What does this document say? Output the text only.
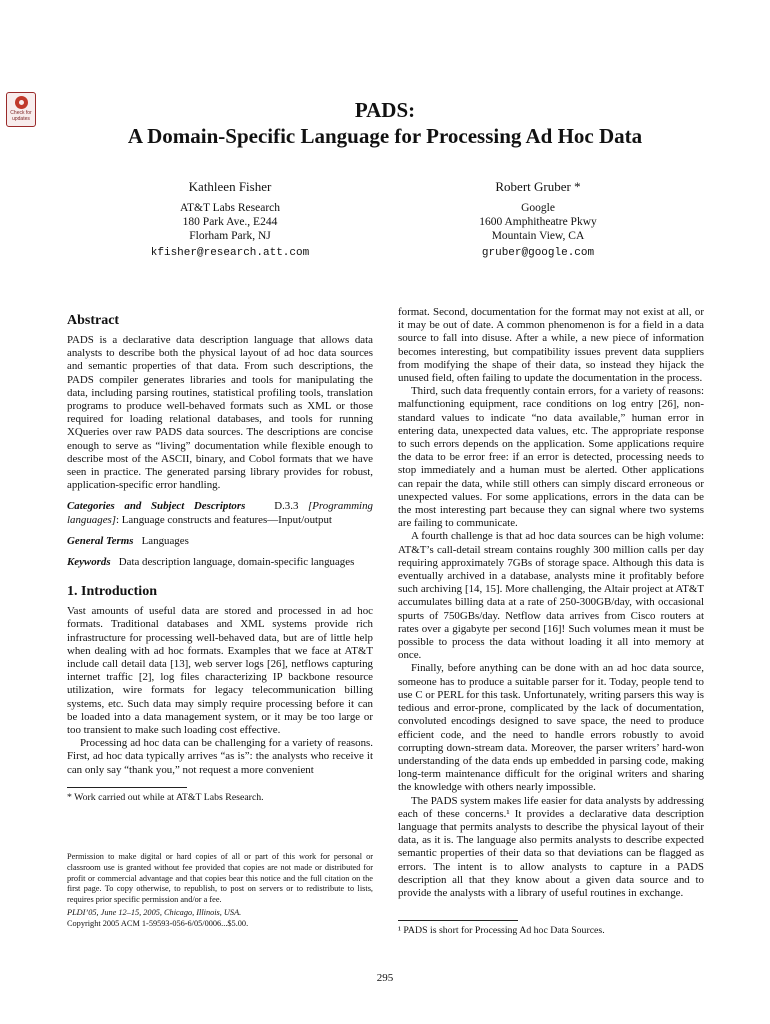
Check for updates	PADS:
A Domain-Specific Language for Processing Ad Hoc Data
Kathleen Fisher
AT&T Labs Research
180 Park Ave., E244
Florham Park, NJ
kfisher@research.att.com
Robert Gruber *
Google
1600 Amphitheatre Pkwy
Mountain View, CA
gruber@google.com
Abstract

PADS is a declarative data description language that allows data analysts to describe both the physical layout of ad hoc data sources and semantic properties of that data. From such descriptions, the PADS compiler generates libraries and tools for manipulating the data, including parsing routines, statistical profiling tools, translation programs to produce well-behaved formats such as XML or those required for loading relational databases, and tools for running XQueries over raw PADS data sources. The descriptions are concise enough to serve as “living” documentation while flexible enough to describe most of the ASCII, binary, and Cobol formats that we have seen in practice. The generated parsing library provides for robust, application-specific error handling.

Categories and Subject Descriptors	D.3.3 [Programming languages]: Language constructs and features—Input/output

General Terms Languages

Keywords Data description language, domain-specific languages

1. Introduction

Vast amounts of useful data are stored and processed in ad hoc formats. Traditional databases and XML systems provide rich infrastructure for processing well-behaved data, but are of little help when dealing with ad hoc formats. Examples that we face at AT&T include call detail data [13], web server logs [26], netflows capturing internet traffic [2], log files characterizing IP backbone resource utilization, wire formats for legacy telecommunication billing systems, etc. Such data may simply require processing before it can be loaded into a data management system, or it may be too large or too transient to make such loading cost effective.

Processing ad hoc data can be challenging for a variety of reasons. First, ad hoc data typically arrives “as is”: the analysts who receive it can only say “thank you,” not request a more convenient

* Work carried out while at AT&T Labs Research.

Permission to make digital or hard copies of all or part of this work for personal or classroom use is granted without fee provided that copies are not made or distributed for profit or commercial advantage and that copies bear this notice and the full citation on the first page. To copy otherwise, to republish, to post on servers or to redistribute to lists, requires prior specific permission and/or a fee.
PLDI’05, June 12–15, 2005, Chicago, Illinois, USA.
Copyright 2005 ACM 1-59593-056-6/05/0006...$5.00.

format. Second, documentation for the format may not exist at all, or it may be out of date. A common phenomenon is for a field in a data source to fall into disuse. After a while, a new piece of information becomes interesting, but compatibility issues prevent data suppliers from modifying the shape of their data, so instead they hijack the unused field, often failing to update the documentation in the process.

Third, such data frequently contain errors, for a variety of reasons: malfunctioning equipment, race conditions on log entry [26], non-standard values to indicate “no data available,” human error in entering data, unexpected data values, etc. The appropriate response to such errors depends on the application. Some applications require the data to be error free: if an error is detected, processing needs to stop immediately and a human must be alerted. Other applications can repair the data, while still others can simply discard erroneous or unexpected values. For some applications, errors in the data can be the most interesting part because they can signal where two systems are failing to communicate.

A fourth challenge is that ad hoc data sources can be high volume: AT&T’s call-detail stream contains roughly 300 million calls per day requiring approximately 7GBs of storage space. Although this data is eventually archived in a database, analysts mine it profitably before such archiving [14, 15]. More challenging, the Altair project at AT&T accumulates billing data at a rate of 250-300GB/day, with occasional spurts of 750GBs/day. Netflow data arrives from Cisco routers at rates over a gigabyte per second [16]! Such volumes mean it must be possible to process the data without loading it all into memory at once.

Finally, before anything can be done with an ad hoc data source, someone has to produce a suitable parser for it. Today, people tend to use C or PERL for this task. Unfortunately, writing parsers this way is tedious and error-prone, complicated by the lack of documentation, convoluted encodings designed to save space, the need to produce efficient code, and the need to handle errors robustly to avoid corrupting down-stream data. Moreover, the parser writers’ hard-won understanding of the data ends up embedded in parsing code, making long-term maintenance difficult for the original writers and sharing the knowledge with others nearly impossible.

The PADS system makes life easier for data analysts by addressing each of these concerns.¹ It provides a declarative data description language that permits analysts to describe the physical layout of their data, as it is. The language also permits analysts to describe expected semantic properties of their data so that deviations can be flagged as errors. The intent is to allow analysts to capture in a PADS description all that they know about a given data source and to provide the analysts with a library of useful routines in exchange.

¹ PADS is short for Processing Ad hoc Data Sources.

295
